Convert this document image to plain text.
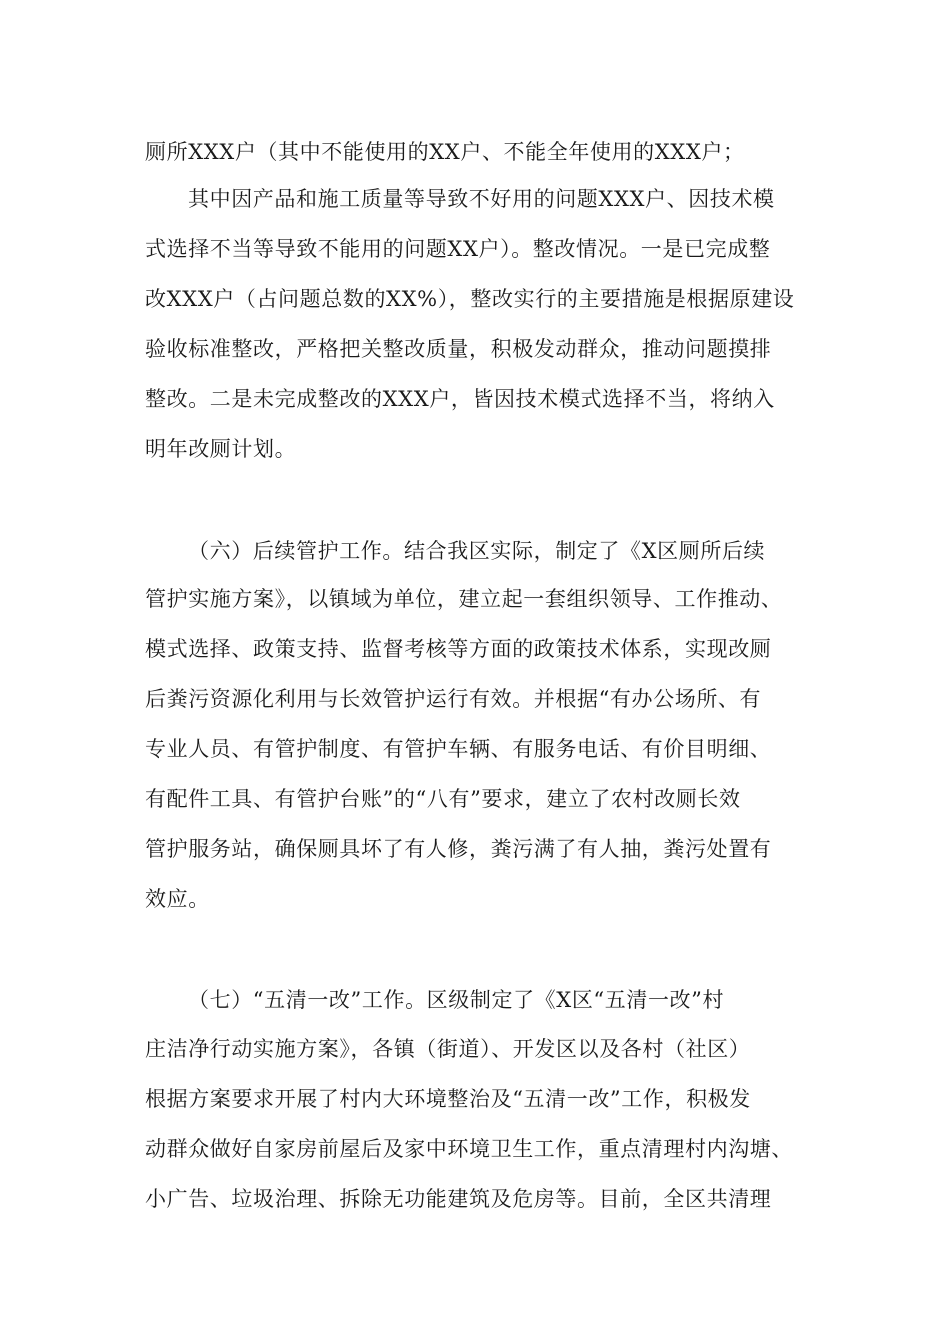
厕所XXX户（其中不能使用的XX户、不能全年使用的XXX户；
其中因产品和施工质量等导致不好用的问题XXX户、因技术模
式选择不当等导致不能用的问题XX户）。整改情况。一是已完成整
改XXX户（占问题总数的XX%），整改实行的主要措施是根据原建设
验收标准整改，严格把关整改质量，积极发动群众，推动问题摸排
整改。二是未完成整改的XXX户，皆因技术模式选择不当，将纳入
明年改厕计划。
（六）后续管护工作。结合我区实际，制定了《X区厕所后续
管护实施方案》，以镇域为单位，建立起一套组织领导、工作推动、
模式选择、政策支持、监督考核等方面的政策技术体系，实现改厕
后粪污资源化利用与长效管护运行有效。并根据“有办公场所、有
专业人员、有管护制度、有管护车辆、有服务电话、有价目明细、
有配件工具、有管护台账”的“八有”要求，建立了农村改厕长效
管护服务站，确保厕具坏了有人修，粪污满了有人抽，粪污处置有
效应。
（七）“五清一改”工作。区级制定了《X区“五清一改”村
庄洁净行动实施方案》，各镇（街道）、开发区以及各村（社区）
根据方案要求开展了村内大环境整治及“五清一改”工作，积极发
动群众做好自家房前屋后及家中环境卫生工作，重点清理村内沟塘、
小广告、垃圾治理、拆除无功能建筑及危房等。目前，全区共清理
